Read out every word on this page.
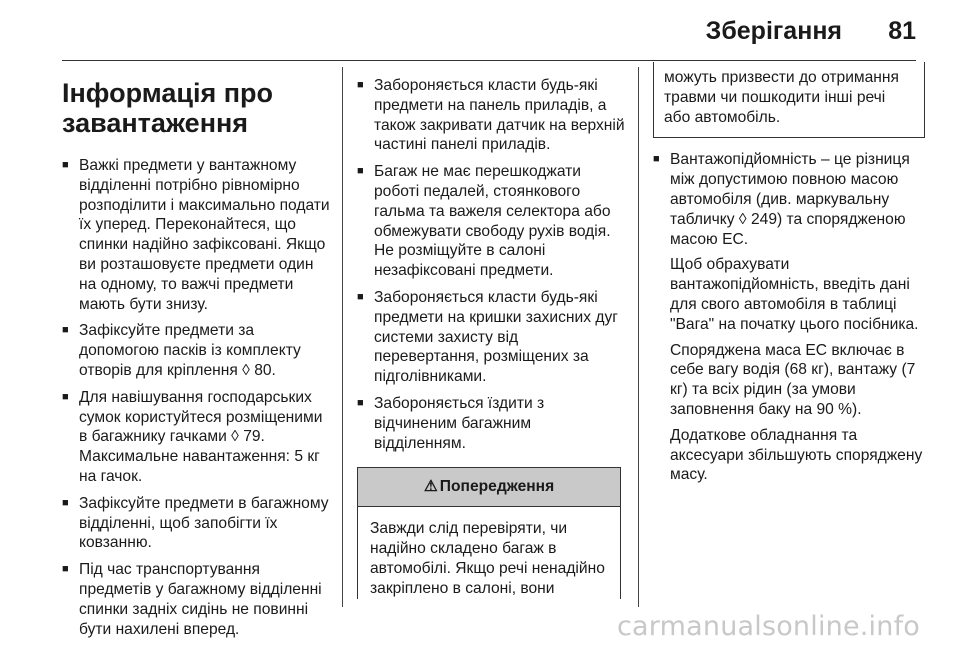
Зберігання 81
Інформація про завантаження
■ Важкі предмети у вантажному відділенні потрібно рівномірно розподілити і максимально подати їх уперед. Переконайтеся, що спинки надійно зафіксовані. Якщо ви розташовуєте предмети один на одному, то важчі предмети мають бути знизу.
■ Зафіксуйте предмети за допомогою пасків із комплекту отворів для кріплення ◊ 80.
■ Для навішування господарських сумок користуйтеся розміщеними в багажнику гачками ◊ 79. Максимальне навантаження: 5 кг на гачок.
■ Зафіксуйте предмети в багажному відділенні, щоб запобігти їх ковзанню.
■ Під час транспортування предметів у багажному відділенні спинки задніх сидінь не повинні бути нахилені вперед.
■ Забороняється класти будь-які предмети на панель приладів, а також закривати датчик на верхній частині панелі приладів.
■ Багаж не має перешкоджати роботі педалей, стоянкового гальма та важеля селектора або обмежувати свободу рухів водія. Не розміщуйте в салоні незафіксовані предмети.
■ Забороняється класти будь-які предмети на кришки захисних дуг системи захисту від перевертання, розміщених за підголівниками.
■ Забороняється їздити з відчиненим багажним відділенням.
⚠ Попередження
Завжди слід перевіряти, чи надійно складено багаж в автомобілі. Якщо речі ненадійно закріплено в салоні, вони
можуть призвести до отримання травми чи пошкодити інші речі або автомобіль.
■ Вантажопідйомність – це різниця між допустимою повною масою автомобіля (див. маркувальну табличку ◊ 249) та спорядженою масою ЕС.
Щоб обрахувати вантажопідйомність, введіть дані для свого автомобіля в таблиці "Вага" на початку цього посібника.
Споряджена маса ЕС включає в себе вагу водія (68 кг), вантажу (7 кг) та всіх рідин (за умови заповнення баку на 90 %).
Додаткове обладнання та аксесуари збільшують споряджену масу.
carmanualsonline.info
